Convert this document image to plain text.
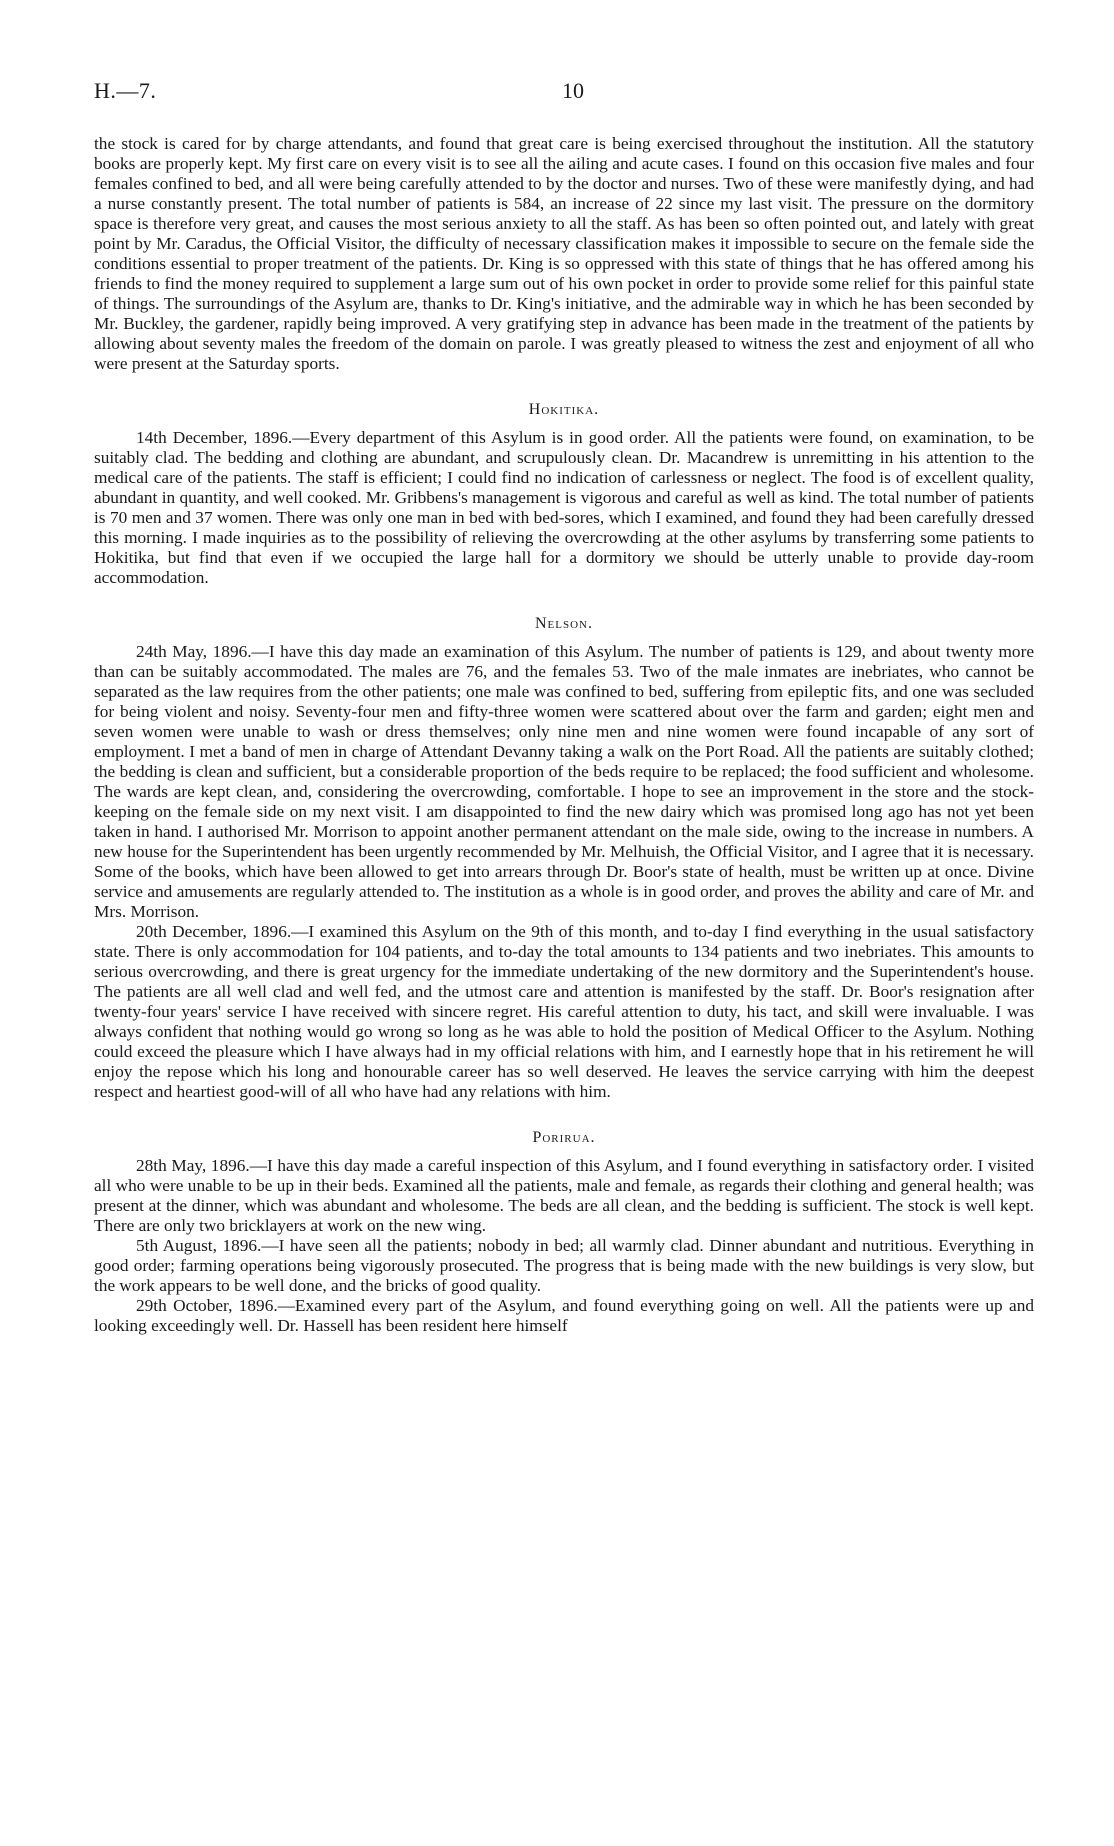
H.—7.	10

the stock is cared for by charge attendants, and found that great care is being exercised throughout the institution. All the statutory books are properly kept. My first care on every visit is to see all the ailing and acute cases. I found on this occasion five males and four females confined to bed, and all were being carefully attended to by the doctor and nurses. Two of these were manifestly dying, and had a nurse constantly present. The total number of patients is 584, an increase of 22 since my last visit. The pressure on the dormitory space is therefore very great, and causes the most serious anxiety to all the staff. As has been so often pointed out, and lately with great point by Mr. Caradus, the Official Visitor, the difficulty of necessary classification makes it impossible to secure on the female side the conditions essential to proper treatment of the patients. Dr. King is so oppressed with this state of things that he has offered among his friends to find the money required to supplement a large sum out of his own pocket in order to provide some relief for this painful state of things. The surroundings of the Asylum are, thanks to Dr. King's initiative, and the admirable way in which he has been seconded by Mr. Buckley, the gardener, rapidly being improved. A very gratifying step in advance has been made in the treatment of the patients by allowing about seventy males the freedom of the domain on parole. I was greatly pleased to witness the zest and enjoyment of all who were present at the Saturday sports.

Hokitika.

14th December, 1896.—Every department of this Asylum is in good order. All the patients were found, on examination, to be suitably clad. The bedding and clothing are abundant, and scrupulously clean. Dr. Macandrew is unremitting in his attention to the medical care of the patients. The staff is efficient; I could find no indication of carlessness or neglect. The food is of excellent quality, abundant in quantity, and well cooked. Mr. Gribbens's management is vigorous and careful as well as kind. The total number of patients is 70 men and 37 women. There was only one man in bed with bed-sores, which I examined, and found they had been carefully dressed this morning. I made inquiries as to the possibility of relieving the overcrowding at the other asylums by transferring some patients to Hokitika, but find that even if we occupied the large hall for a dormitory we should be utterly unable to provide day-room accommodation.

Nelson.

24th May, 1896.—I have this day made an examination of this Asylum. The number of patients is 129, and about twenty more than can be suitably accommodated. The males are 76, and the females 53. Two of the male inmates are inebriates, who cannot be separated as the law requires from the other patients; one male was confined to bed, suffering from epileptic fits, and one was secluded for being violent and noisy. Seventy-four men and fifty-three women were scattered about over the farm and garden; eight men and seven women were unable to wash or dress themselves; only nine men and nine women were found incapable of any sort of employment. I met a band of men in charge of Attendant Devanny taking a walk on the Port Road. All the patients are suitably clothed; the bedding is clean and sufficient, but a considerable proportion of the beds require to be replaced; the food sufficient and wholesome. The wards are kept clean, and, considering the overcrowding, comfortable. I hope to see an improvement in the store and the stock-keeping on the female side on my next visit. I am disappointed to find the new dairy which was promised long ago has not yet been taken in hand. I authorised Mr. Morrison to appoint another permanent attendant on the male side, owing to the increase in numbers. A new house for the Superintendent has been urgently recommended by Mr. Melhuish, the Official Visitor, and I agree that it is necessary. Some of the books, which have been allowed to get into arrears through Dr. Boor's state of health, must be written up at once. Divine service and amusements are regularly attended to. The institution as a whole is in good order, and proves the ability and care of Mr. and Mrs. Morrison.

20th December, 1896.—I examined this Asylum on the 9th of this month, and to-day I find everything in the usual satisfactory state. There is only accommodation for 104 patients, and to-day the total amounts to 134 patients and two inebriates. This amounts to serious overcrowding, and there is great urgency for the immediate undertaking of the new dormitory and the Superintendent's house. The patients are all well clad and well fed, and the utmost care and attention is manifested by the staff. Dr. Boor's resignation after twenty-four years' service I have received with sincere regret. His careful attention to duty, his tact, and skill were invaluable. I was always confident that nothing would go wrong so long as he was able to hold the position of Medical Officer to the Asylum. Nothing could exceed the pleasure which I have always had in my official relations with him, and I earnestly hope that in his retirement he will enjoy the repose which his long and honourable career has so well deserved. He leaves the service carrying with him the deepest respect and heartiest good-will of all who have had any relations with him.

Porirua.

28th May, 1896.—I have this day made a careful inspection of this Asylum, and I found everything in satisfactory order. I visited all who were unable to be up in their beds. Examined all the patients, male and female, as regards their clothing and general health; was present at the dinner, which was abundant and wholesome. The beds are all clean, and the bedding is sufficient. The stock is well kept. There are only two bricklayers at work on the new wing.

5th August, 1896.—I have seen all the patients; nobody in bed; all warmly clad. Dinner abundant and nutritious. Everything in good order; farming operations being vigorously prosecuted. The progress that is being made with the new buildings is very slow, but the work appears to be well done, and the bricks of good quality.

29th October, 1896.—Examined every part of the Asylum, and found everything going on well. All the patients were up and looking exceedingly well. Dr. Hassell has been resident here himself
